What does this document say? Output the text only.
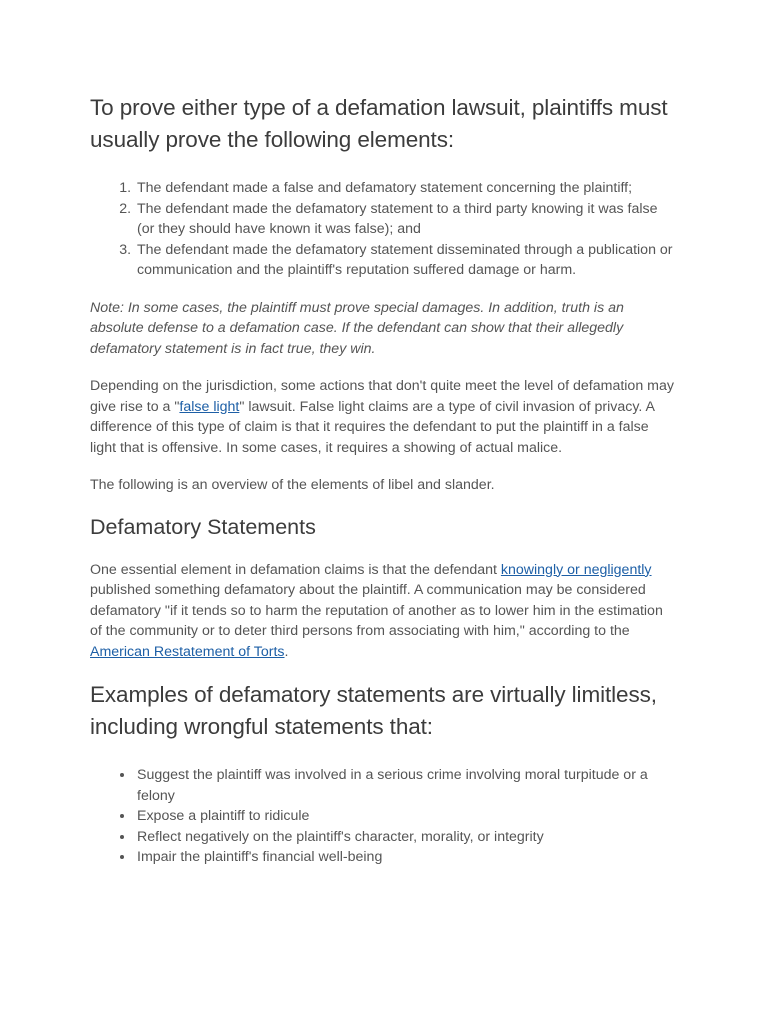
To prove either type of a defamation lawsuit, plaintiffs must usually prove the following elements:
1. The defendant made a false and defamatory statement concerning the plaintiff;
2. The defendant made the defamatory statement to a third party knowing it was false (or they should have known it was false); and
3. The defendant made the defamatory statement disseminated through a publication or communication and the plaintiff's reputation suffered damage or harm.

Note: In some cases, the plaintiff must prove special damages. In addition, truth is an absolute defense to a defamation case. If the defendant can show that their allegedly defamatory statement is in fact true, they win.

Depending on the jurisdiction, some actions that don't quite meet the level of defamation may give rise to a "false light" lawsuit. False light claims are a type of civil invasion of privacy. A difference of this type of claim is that it requires the defendant to put the plaintiff in a false light that is offensive. In some cases, it requires a showing of actual malice.

The following is an overview of the elements of libel and slander.

Defamatory Statements

One essential element in defamation claims is that the defendant knowingly or negligently published something defamatory about the plaintiff. A communication may be considered defamatory "if it tends so to harm the reputation of another as to lower him in the estimation of the community or to deter third persons from associating with him," according to the American Restatement of Torts.

Examples of defamatory statements are virtually limitless, including wrongful statements that:
• Suggest the plaintiff was involved in a serious crime involving moral turpitude or a felony
• Expose a plaintiff to ridicule
• Reflect negatively on the plaintiff's character, morality, or integrity
• Impair the plaintiff's financial well-being
